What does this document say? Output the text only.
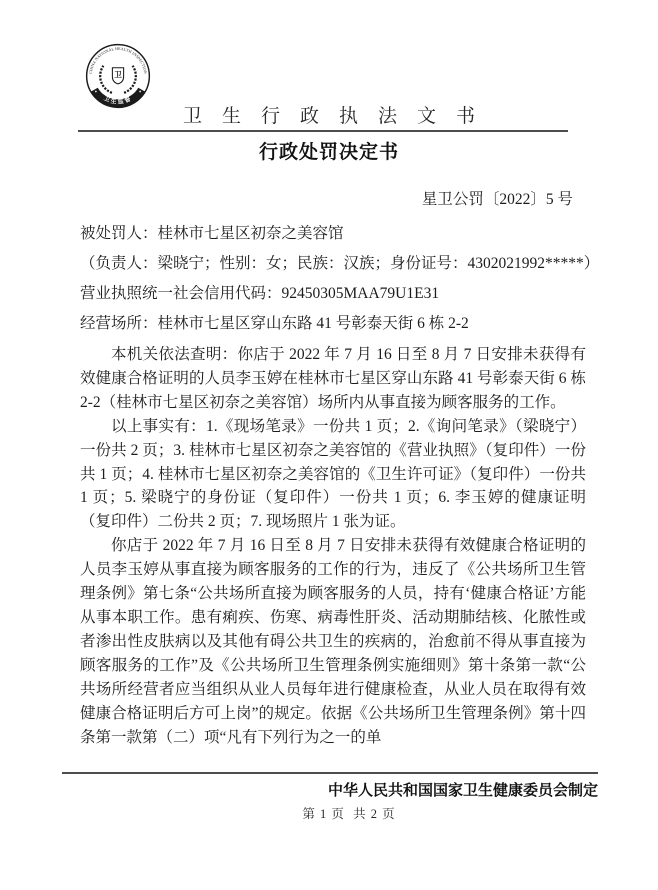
CHINA NATIONAL HEALTH INSPECTION
卫生监督
卫
卫生行政执法文书
行政处罚决定书
星卫公罚〔2022〕5 号

被处罚人：桂林市七星区初奈之美容馆

（负责人：梁晓宁；性别：女；民族：汉族；身份证号：4302021992*****）

营业执照统一社会信用代码：92450305MAA79U1E31

经营场所：桂林市七星区穿山东路 41 号彰泰天街 6 栋 2-2

本机关依法查明：你店于 2022 年 7 月 16 日至 8 月 7 日安排未获得有效健康合格证明的人员李玉婷在桂林市七星区穿山东路 41 号彰泰天街 6 栋 2-2（桂林市七星区初奈之美容馆）场所内从事直接为顾客服务的工作。

以上事实有：1.《现场笔录》一份共 1 页；2.《询问笔录》（梁晓宁）一份共 2 页；3. 桂林市七星区初奈之美容馆的《营业执照》（复印件）一份共 1 页；4. 桂林市七星区初奈之美容馆的《卫生许可证》（复印件）一份共 1 页；5. 梁晓宁的身份证（复印件）一份共 1 页；6. 李玉婷的健康证明（复印件）二份共 2 页；7. 现场照片 1 张为证。

你店于 2022 年 7 月 16 日至 8 月 7 日安排未获得有效健康合格证明的人员李玉婷从事直接为顾客服务的工作的行为，违反了《公共场所卫生管理条例》第七条“公共场所直接为顾客服务的人员，持有‘健康合格证’方能从事本职工作。患有痢疾、伤寒、病毒性肝炎、活动期肺结核、化脓性或者渗出性皮肤病以及其他有碍公共卫生的疾病的，治愈前不得从事直接为顾客服务的工作”及《公共场所卫生管理条例实施细则》第十条第一款“公共场所经营者应当组织从业人员每年进行健康检查，从业人员在取得有效健康合格证明后方可上岗”的规定。依据《公共场所卫生管理条例》第十四条第一款第（二）项“凡有下列行为之一的单

中华人民共和国国家卫生健康委员会制定
第 1 页  共 2 页
